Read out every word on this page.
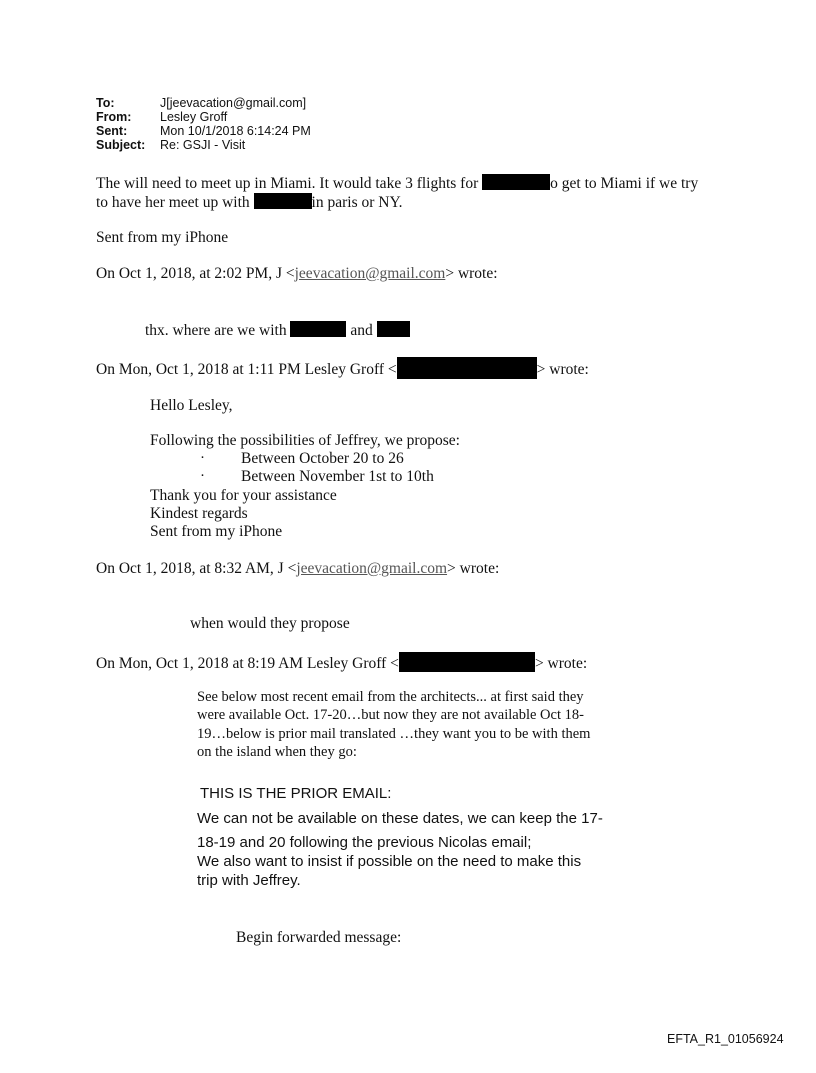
To:	J[jeevacation@gmail.com]
From: Lesley Groff
Sent:	Mon 10/1/2018 6:14:24 PM
Subject: Re: GSJI - Visit
The will need to meet up in Miami. It would take 3 flights for	o get to Miami if we try
to have her meet up with	in paris or NY.
Sent from my iPhone
On Oct 1, 2018, at 2:02 PM, J <jeevacation@gmail.com> wrote:
thx. where are we with	and
On Mon, Oct 1, 2018 at 1:11 PM Lesley Groff <	> wrote:
Hello Lesley,
Following the possibilities of Jeffrey, we propose:
· Between October 20 to 26
· Between November 1st to 10th
Thank you for your assistance
Kindest regards
Sent from my iPhone
On Oct 1, 2018, at 8:32 AM, J <jeevacation@gmail.com> wrote:
when would they propose
On Mon, Oct 1, 2018 at 8:19 AM Lesley Groff <	> wrote:
See below most recent email from the architects... at first said they
were available Oct. 17-20…but now they are not available Oct 18-
19…below is prior mail translated …they want you to be with them
on the island when they go:
THIS IS THE PRIOR EMAIL:
We can not be available on these dates, we can keep the 17-
18-19 and 20 following the previous Nicolas email;
We also want to insist if possible on the need to make this
trip with Jeffrey.
Begin forwarded message:
EFTA_R1_01056924
